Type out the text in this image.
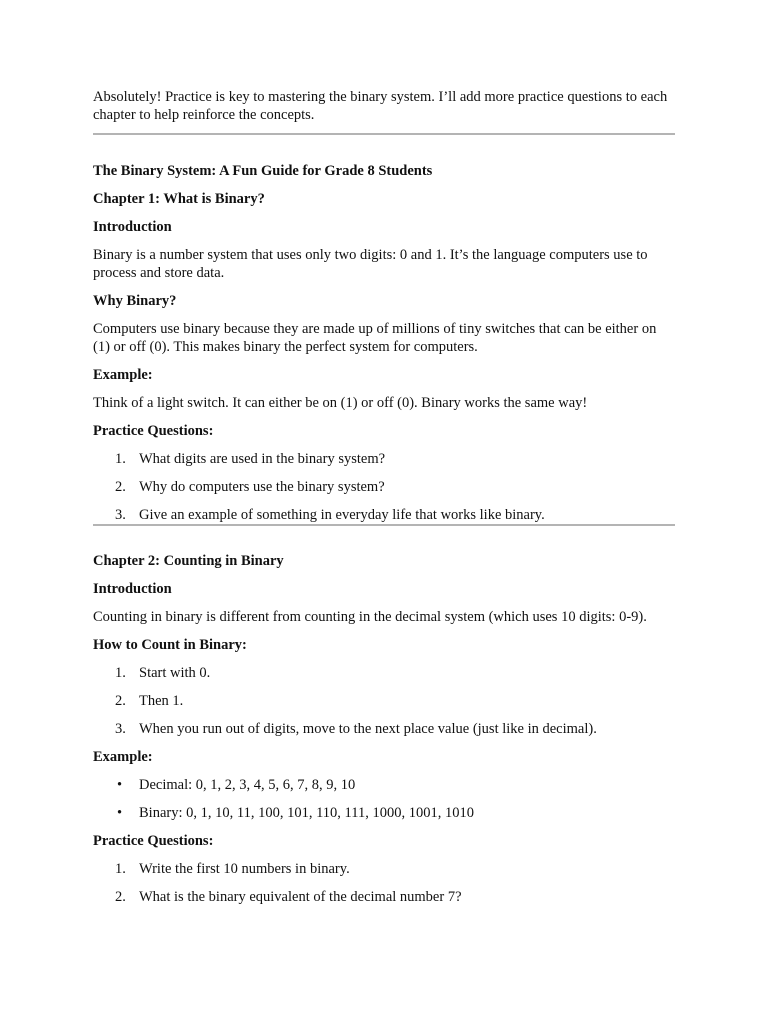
Absolutely! Practice is key to mastering the binary system. I’ll add more practice questions to each chapter to help reinforce the concepts.

The Binary System: A Fun Guide for Grade 8 Students

Chapter 1: What is Binary?

Introduction

Binary is a number system that uses only two digits: 0 and 1. It’s the language computers use to process and store data.

Why Binary?

Computers use binary because they are made up of millions of tiny switches that can be either on (1) or off (0). This makes binary the perfect system for computers.

Example:

Think of a light switch. It can either be on (1) or off (0). Binary works the same way!

Practice Questions:

1. What digits are used in the binary system?
2. Why do computers use the binary system?
3. Give an example of something in everyday life that works like binary.

Chapter 2: Counting in Binary

Introduction

Counting in binary is different from counting in the decimal system (which uses 10 digits: 0-9).

How to Count in Binary:

1. Start with 0.
2. Then 1.
3. When you run out of digits, move to the next place value (just like in decimal).

Example:

• Decimal: 0, 1, 2, 3, 4, 5, 6, 7, 8, 9, 10
• Binary: 0, 1, 10, 11, 100, 101, 110, 111, 1000, 1001, 1010

Practice Questions:

1. Write the first 10 numbers in binary.
2. What is the binary equivalent of the decimal number 7?
